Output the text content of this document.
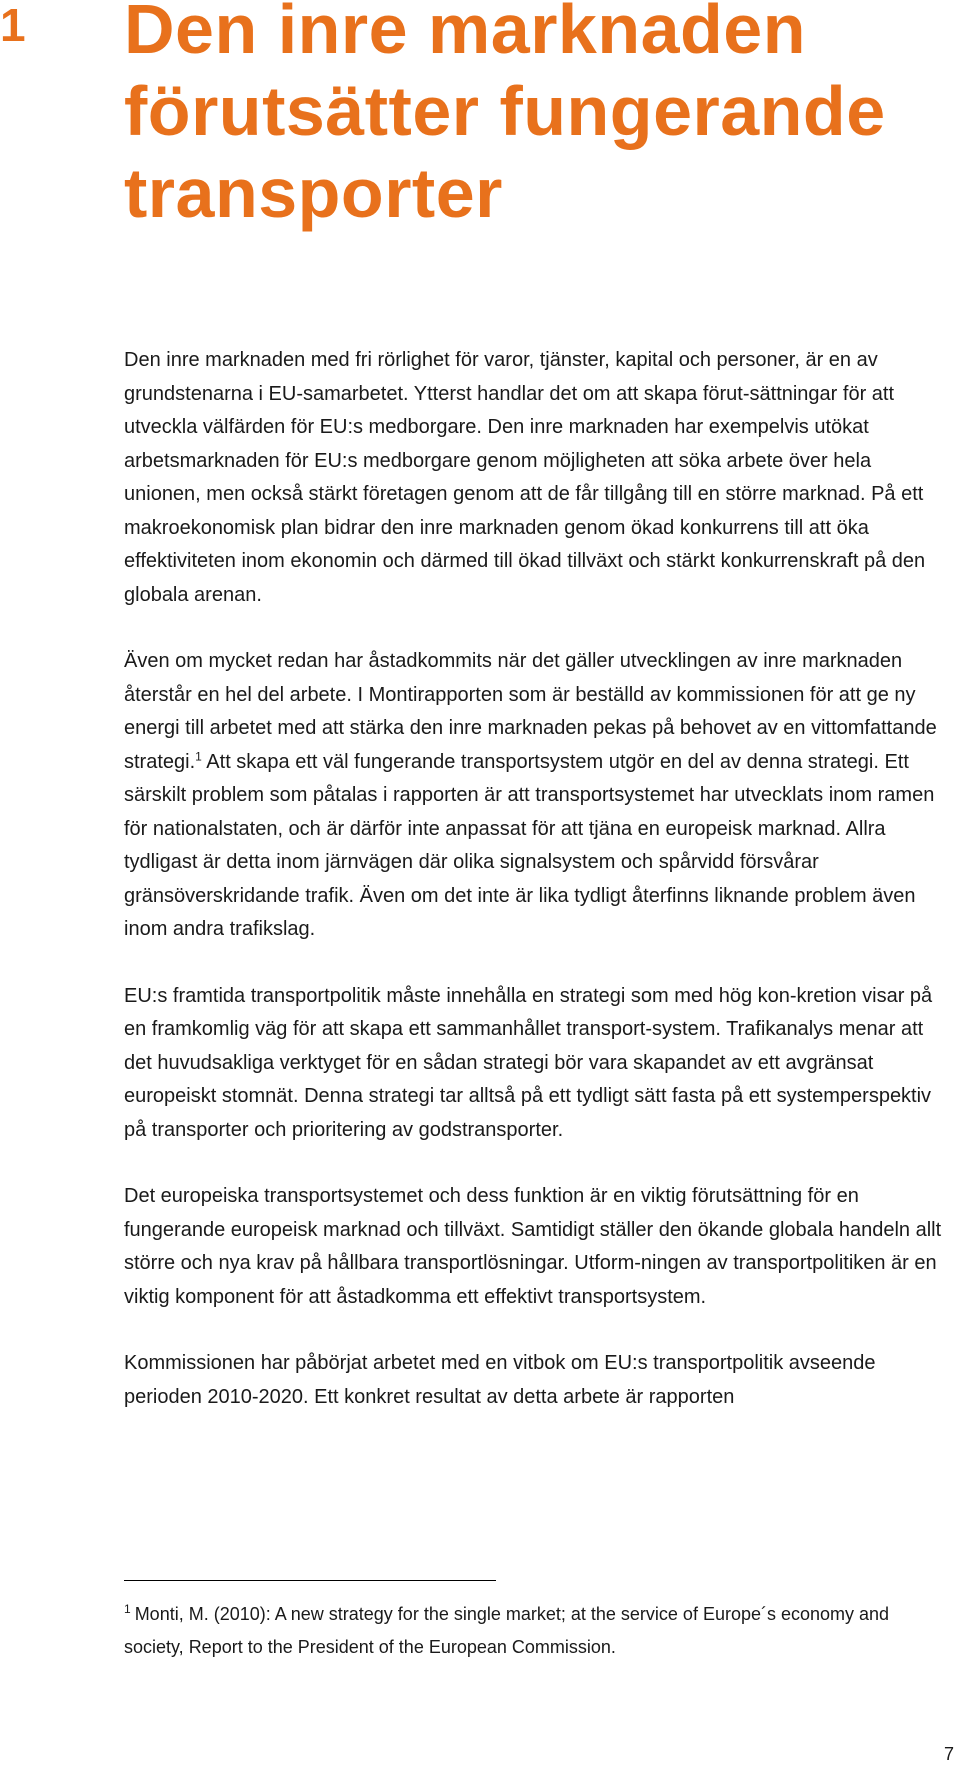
1 Den inre marknaden förutsätter fungerande transporter

Den inre marknaden med fri rörlighet för varor, tjänster, kapital och personer, är en av grundstenarna i EU-samarbetet. Ytterst handlar det om att skapa förut-sättningar för att utveckla välfärden för EU:s medborgare. Den inre marknaden har exempelvis utökat arbetsmarknaden för EU:s medborgare genom möjligheten att söka arbete över hela unionen, men också stärkt företagen genom att de får tillgång till en större marknad. På ett makroekonomisk plan bidrar den inre marknaden genom ökad konkurrens till att öka effektiviteten inom ekonomin och därmed till ökad tillväxt och stärkt konkurrenskraft på den globala arenan.

Även om mycket redan har åstadkommits när det gäller utvecklingen av inre marknaden återstår en hel del arbete. I Montirapporten som är beställd av kommissionen för att ge ny energi till arbetet med att stärka den inre marknaden pekas på behovet av en vittomfattande strategi.$^1$ Att skapa ett väl fungerande transportsystem utgör en del av denna strategi. Ett särskilt problem som påtalas i rapporten är att transportsystemet har utvecklats inom ramen för nationalstaten, och är därför inte anpassat för att tjäna en europeisk marknad. Allra tydligast är detta inom järnvägen där olika signalsystem och spårvidd försvårar gränsöverskridande trafik. Även om det inte är lika tydligt återfinns liknande problem även inom andra trafikslag.

EU:s framtida transportpolitik måste innehålla en strategi som med hög kon-kretion visar på en framkomlig väg för att skapa ett sammanhållet transport-system. Trafikanalys menar att det huvudsakliga verktyget för en sådan strategi bör vara skapandet av ett avgränsat europeiskt stomnät. Denna strategi tar alltså på ett tydligt sätt fasta på ett systemperspektiv på transporter och prioritering av godstransporter.

Det europeiska transportsystemet och dess funktion är en viktig förutsättning för en fungerande europeisk marknad och tillväxt. Samtidigt ställer den ökande globala handeln allt större och nya krav på hållbara transportlösningar. Utform-ningen av transportpolitiken är en viktig komponent för att åstadkomma ett effektivt transportsystem.

Kommissionen har påbörjat arbetet med en vitbok om EU:s transportpolitik avseende perioden 2010-2020. Ett konkret resultat av detta arbete är rapporten

$^1$ Monti, M. (2010): A new strategy for the single market; at the service of Europe´s economy and society, Report to the President of the European Commission.
7
